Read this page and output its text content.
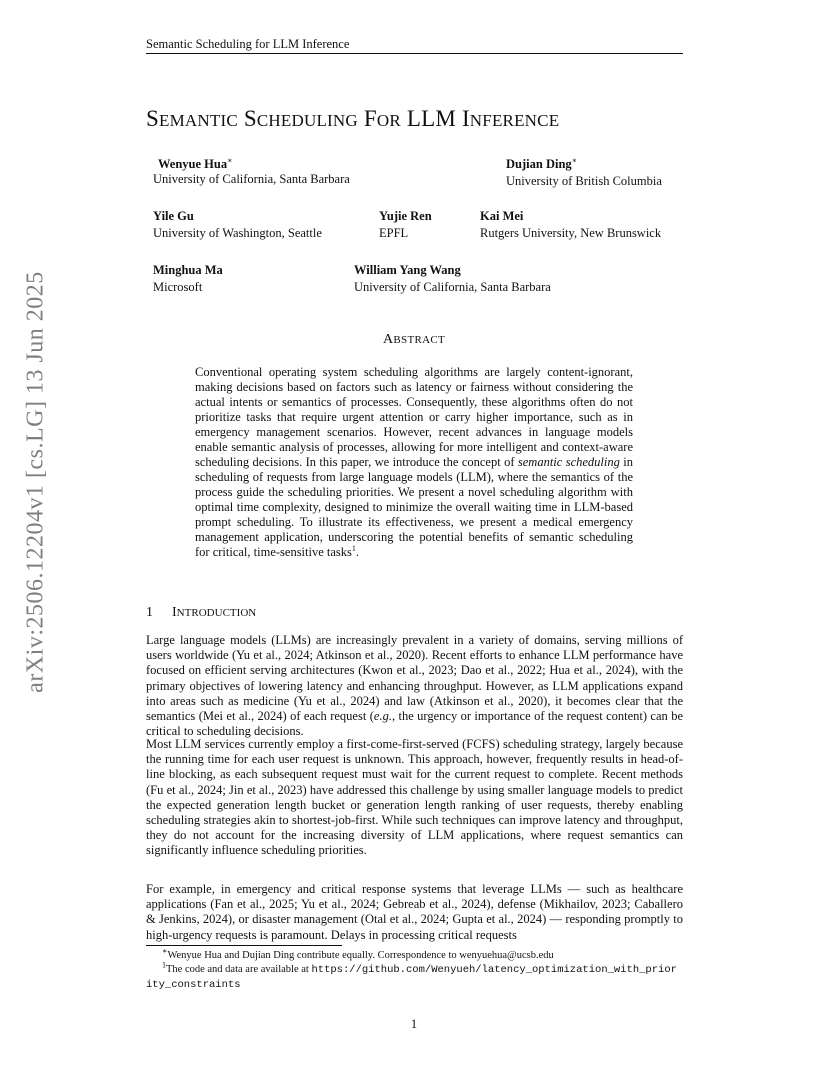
arXiv:2506.12204v1 [cs.LG] 13 Jun 2025
Semantic Scheduling for LLM Inference
SEMANTIC SCHEDULING FOR LLM INFERENCE
Wenyue Hua∗
University of California, Santa Barbara
Dujian Ding∗
University of British Columbia
Yile Gu
University of Washington, Seattle
Yujie Ren
EPFL
Kai Mei
Rutgers University, New Brunswick
Minghua Ma
Microsoft
William Yang Wang
University of California, Santa Barbara
ABSTRACT
Conventional operating system scheduling algorithms are largely content-ignorant, making decisions based on factors such as latency or fairness without considering the actual intents or semantics of processes. Consequently, these algorithms often do not prioritize tasks that require urgent attention or carry higher importance, such as in emergency management scenarios. However, recent advances in language models enable semantic analysis of processes, allowing for more intelligent and context-aware scheduling decisions. In this paper, we introduce the concept of semantic scheduling in scheduling of requests from large language models (LLM), where the semantics of the process guide the scheduling priorities. We present a novel scheduling algorithm with optimal time complexity, designed to minimize the overall waiting time in LLM-based prompt scheduling. To illustrate its effectiveness, we present a medical emergency management application, underscoring the potential benefits of semantic scheduling for critical, time-sensitive tasks$^1$.
1 INTRODUCTION

Large language models (LLMs) are increasingly prevalent in a variety of domains, serving millions of users worldwide (Yu et al., 2024; Atkinson et al., 2020). Recent efforts to enhance LLM performance have focused on efficient serving architectures (Kwon et al., 2023; Dao et al., 2022; Hua et al., 2024), with the primary objectives of lowering latency and enhancing throughput. However, as LLM applications expand into areas such as medicine (Yu et al., 2024) and law (Atkinson et al., 2020), it becomes clear that the semantics (Mei et al., 2024) of each request (e.g., the urgency or importance of the request content) can be critical to scheduling decisions.

Most LLM services currently employ a first-come-first-served (FCFS) scheduling strategy, largely because the running time for each user request is unknown. This approach, however, frequently results in head-of-line blocking, as each subsequent request must wait for the current request to complete. Recent methods (Fu et al., 2024; Jin et al., 2023) have addressed this challenge by using smaller language models to predict the expected generation length bucket or generation length ranking of user requests, thereby enabling scheduling strategies akin to shortest-job-first. While such techniques can improve latency and throughput, they do not account for the increasing diversity of LLM applications, where request semantics can significantly influence scheduling priorities.

For example, in emergency and critical response systems that leverage LLMs — such as healthcare applications (Fan et al., 2025; Yu et al., 2024; Gebreab et al., 2024), defense (Mikhailov, 2023; Caballero & Jenkins, 2024), or disaster management (Otal et al., 2024; Gupta et al., 2024) — responding promptly to high-urgency requests is paramount. Delays in processing critical requests

∗Wenyue Hua and Dujian Ding contribute equally. Correspondence to wenyuehua@ucsb.edu
$^1$The code and data are available at https://github.com/Wenyueh/latency_optimization_with_priority_constraints
1
